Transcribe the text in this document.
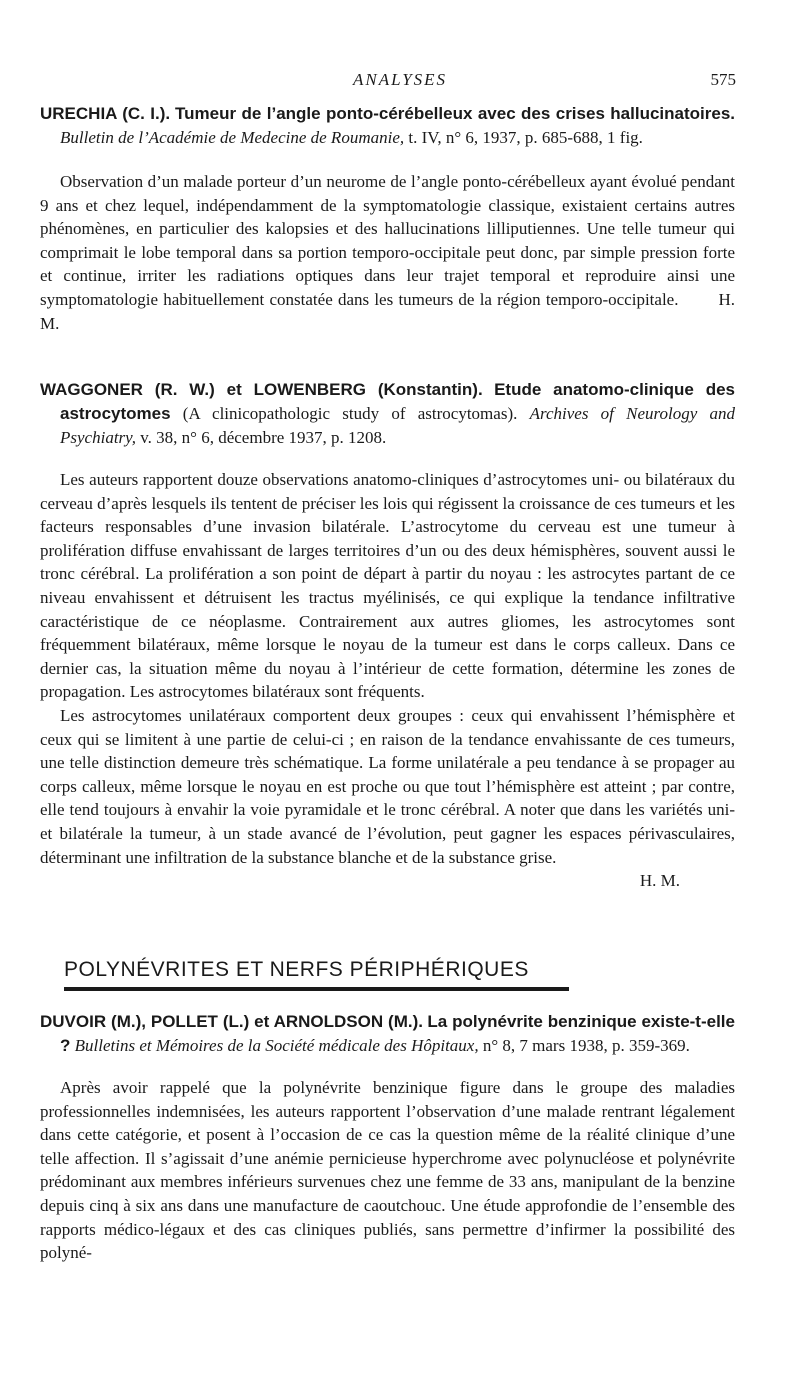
ANALYSES	575

URECHIA (C. I.). Tumeur de l’angle ponto-cérébelleux avec des crises hallucinatoires. Bulletin de l’Académie de Medecine de Roumanie, t. IV, n° 6, 1937, p. 685-688, 1 fig.

Observation d’un malade porteur d’un neurome de l’angle ponto-cérébelleux ayant évolué pendant 9 ans et chez lequel, indépendamment de la symptomatologie classique, existaient certains autres phénomènes, en particulier des kalopsies et des hallucinations lilliputiennes. Une telle tumeur qui comprimait le lobe temporal dans sa portion temporo-occipitale peut donc, par simple pression forte et continue, irriter les radiations optiques dans leur trajet temporal et reproduire ainsi une symptomatologie habituellement constatée dans les tumeurs de la région temporo-occipitale. H. M.

WAGGONER (R. W.) et LOWENBERG (Konstantin). Etude anatomo-clinique des astrocytomes (A clinicopathologic study of astrocytomas). Archives of Neurology and Psychiatry, v. 38, n° 6, décembre 1937, p. 1208.

Les auteurs rapportent douze observations anatomo-cliniques d’astrocytomes uni- ou bilatéraux du cerveau d’après lesquels ils tentent de préciser les lois qui régissent la croissance de ces tumeurs et les facteurs responsables d’une invasion bilatérale. L’astrocytome du cerveau est une tumeur à prolifération diffuse envahissant de larges territoires d’un ou des deux hémisphères, souvent aussi le tronc cérébral. La prolifération a son point de départ à partir du noyau : les astrocytes partant de ce niveau envahissent et détruisent les tractus myélinisés, ce qui explique la tendance infiltrative caractéristique de ce néoplasme. Contrairement aux autres gliomes, les astrocytomes sont fréquemment bilatéraux, même lorsque le noyau de la tumeur est dans le corps calleux. Dans ce dernier cas, la situation même du noyau à l’intérieur de cette formation, détermine les zones de propagation. Les astrocytomes bilatéraux sont fréquents.

Les astrocytomes unilatéraux comportent deux groupes : ceux qui envahissent l’hémisphère et ceux qui se limitent à une partie de celui-ci ; en raison de la tendance envahissante de ces tumeurs, une telle distinction demeure très schématique. La forme unilatérale a peu tendance à se propager au corps calleux, même lorsque le noyau en est proche ou que tout l’hémisphère est atteint ; par contre, elle tend toujours à envahir la voie pyramidale et le tronc cérébral. A noter que dans les variétés uni- et bilatérale la tumeur, à un stade avancé de l’évolution, peut gagner les espaces périvasculaires, déterminant une infiltration de la substance blanche et de la substance grise.

H. M.
POLYNÉVRITES ET NERFS PÉRIPHÉRIQUES

DUVOIR (M.), POLLET (L.) et ARNOLDSON (M.). La polynévrite benzinique existe-t-elle ? Bulletins et Mémoires de la Société médicale des Hôpitaux, n° 8, 7 mars 1938, p. 359-369.

Après avoir rappelé que la polynévrite benzinique figure dans le groupe des maladies professionnelles indemnisées, les auteurs rapportent l’observation d’une malade rentrant légalement dans cette catégorie, et posent à l’occasion de ce cas la question même de la réalité clinique d’une telle affection. Il s’agissait d’une anémie pernicieuse hyperchrome avec polynucléose et polynévrite prédominant aux membres inférieurs survenues chez une femme de 33 ans, manipulant de la benzine depuis cinq à six ans dans une manufacture de caoutchouc. Une étude approfondie de l’ensemble des rapports médico-légaux et des cas cliniques publiés, sans permettre d’infirmer la possibilité des polyné-
